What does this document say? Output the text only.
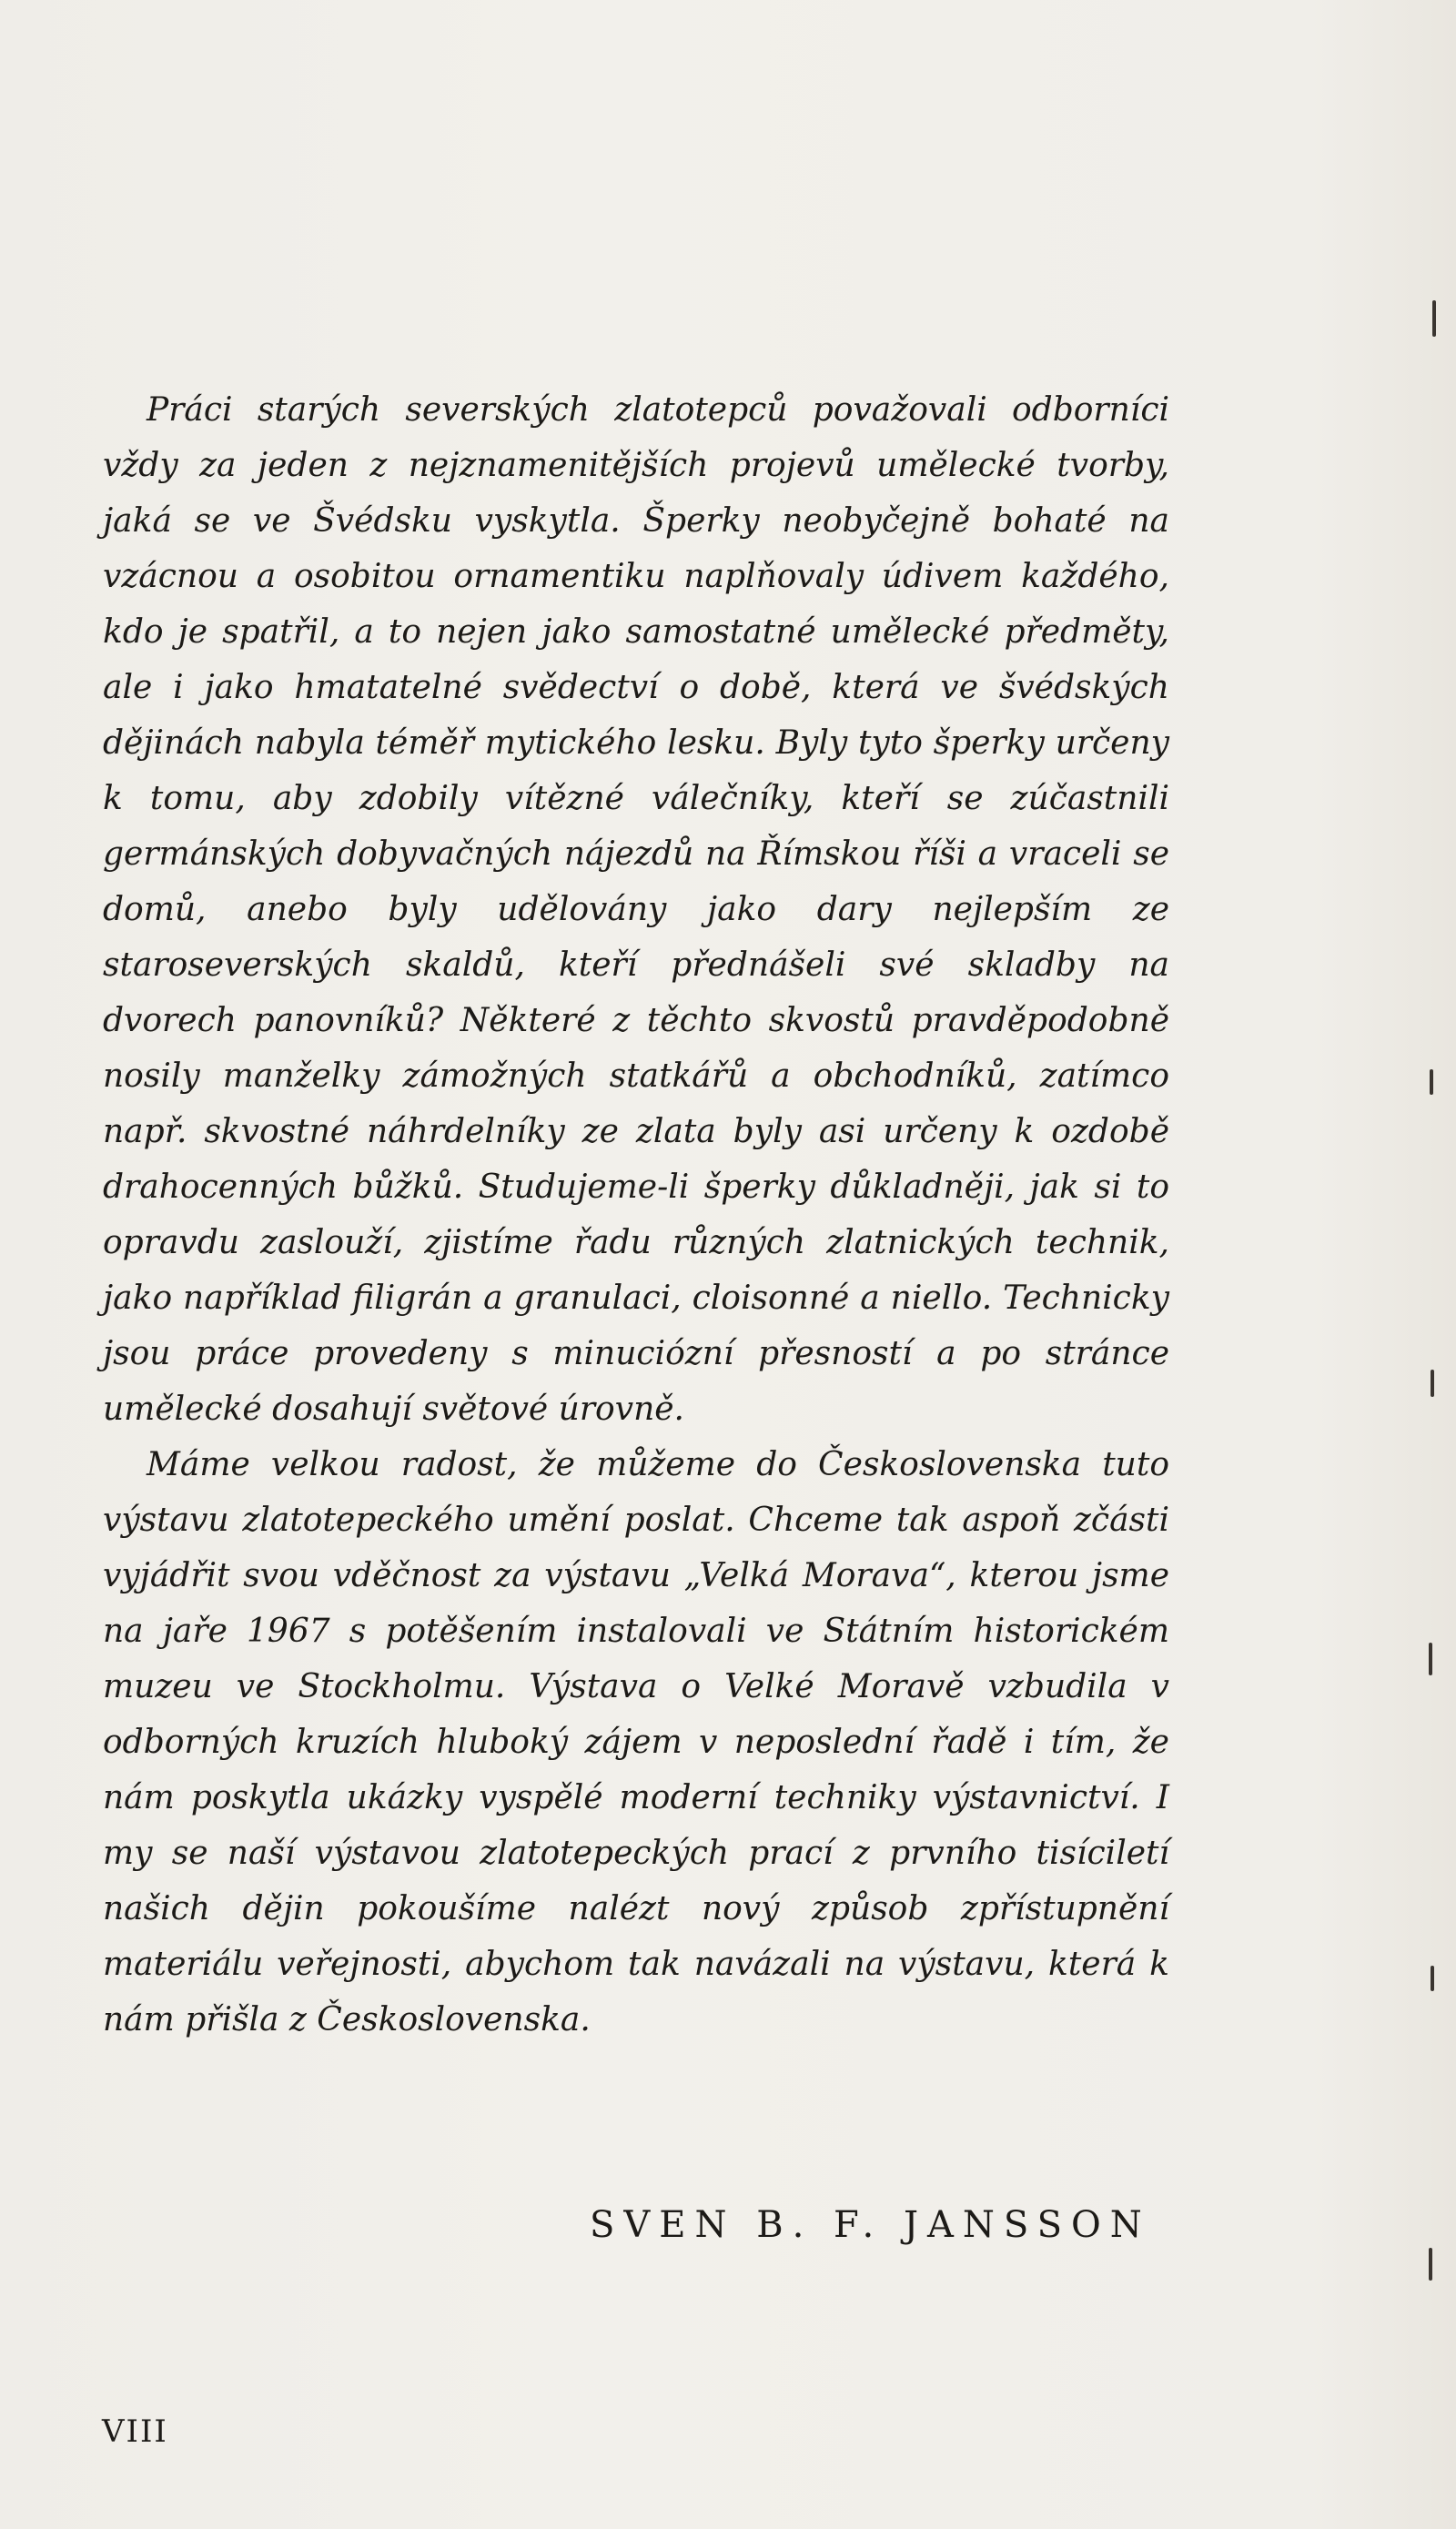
Práci starých severských zlatotepců považovali odborníci vždy za jeden z nejznamenitějších projevů umělecké tvorby, jaká se ve Švédsku vyskytla. Šperky neobyčejně bohaté na vzácnou a osobitou ornamentiku naplňovaly údivem každého, kdo je spatřil, a to nejen jako samostatné umělecké předměty, ale i jako hmatatelné svědectví o době, která ve švédských dějinách nabyla téměř mytického lesku. Byly tyto šperky určeny k tomu, aby zdobily vítězné válečníky, kteří se zúčastnili germánských dobyvačných nájezdů na Římskou říši a vraceli se domů, anebo byly udělovány jako dary nejlepším ze staroseverských skaldů, kteří přednášeli své skladby na dvorech panovníků? Některé z těchto skvostů pravděpodobně nosily manželky zámožných statkářů a obchodníků, zatímco např. skvostné náhrdelníky ze zlata byly asi určeny k ozdobě drahocenných bůžků. Studujeme-li šperky důkladněji, jak si to opravdu zaslouží, zjistíme řadu různých zlatnických technik, jako například filigrán a granulaci, cloisonné a niello. Technicky jsou práce provedeny s minuciózní přesností a po stránce umělecké dosahují světové úrovně.

Máme velkou radost, že můžeme do Československa tuto výstavu zlatotepeckého umění poslat. Chceme tak aspoň zčásti vyjádřit svou vděčnost za výstavu „Velká Morava“, kterou jsme na jaře 1967 s potěšením instalovali ve Státním historickém muzeu ve Stockholmu. Výstava o Velké Moravě vzbudila v odborných kruzích hluboký zájem v neposlední řadě i tím, že nám poskytla ukázky vyspělé moderní techniky výstavnictví. I my se naší výstavou zlatotepeckých prací z prvního tisíciletí našich dějin pokoušíme nalézt nový způsob zpřístupnění materiálu veřejnosti, abychom tak navázali na výstavu, která k nám přišla z Československa.

SVEN B. F. JANSSON
VIII
